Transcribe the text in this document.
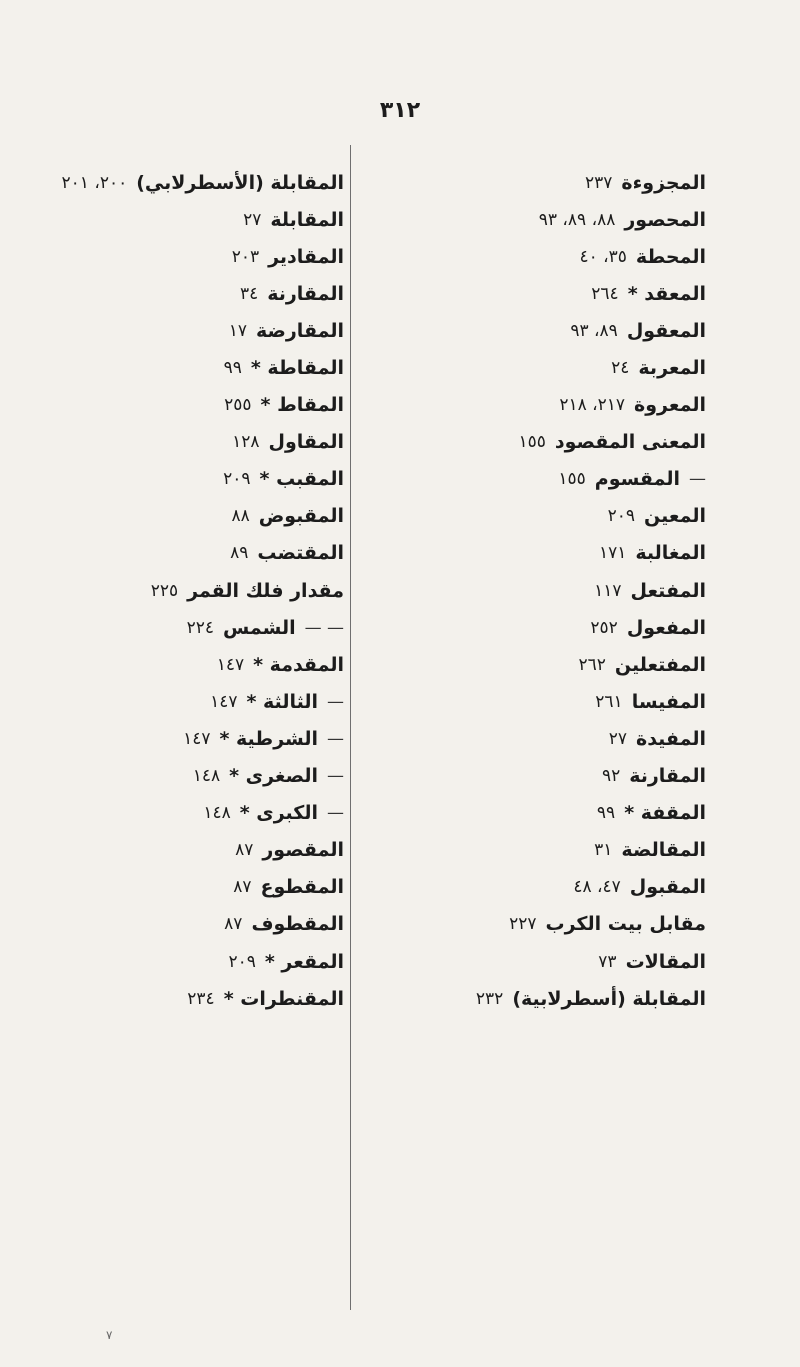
٣١٢
المجزوءة
٢٣٧
المحصور
٨٨، ٨٩، ٩٣
المحطة
٣٥، ٤٠
المعقد *
٢٦٤
المعقول
٨٩، ٩٣
المعربة
٢٤
المعروة
٢١٧، ٢١٨
المعنى المقصود
١٥٥
—
المقسوم
١٥٥
المعين
٢٠٩
المغالبة
١٧١
المفتعل
١١٧
المفعول
٢٥٢
المفتعلين
٢٦٢
المفيسا
٢٦١
المفيدة
٢٧
المقارنة
٩٢
المقفة *
٩٩
المقالضة
٣١
المقبول
٤٧، ٤٨
مقابل بيت الكرب
٢٢٧
المقالات
٧٣
المقابلة (أسطرلابية)
٢٣٢
المقابلة (الأسطرلابي)
٢٠٠، ٢٠١
المقابلة
٢٧
المقادير
٢٠٣
المقارنة
٣٤
المقارضة
١٧
المقاطة *
٩٩
المقاط *
٢٥٥
المقاول
١٢٨
المقبب *
٢٠٩
المقبوض
٨٨
المقتضب
٨٩
مقدار فلك القمر
٢٢٥
— —
الشمس
٢٢٤
المقدمة *
١٤٧
—
الثالثة *
١٤٧
—
الشرطية *
١٤٧
—
الصغرى *
١٤٨
—
الكبرى *
١٤٨
المقصور
٨٧
المقطوع
٨٧
المقطوف
٨٧
المقعر *
٢٠٩
المقنطرات *
٢٣٤
٧
